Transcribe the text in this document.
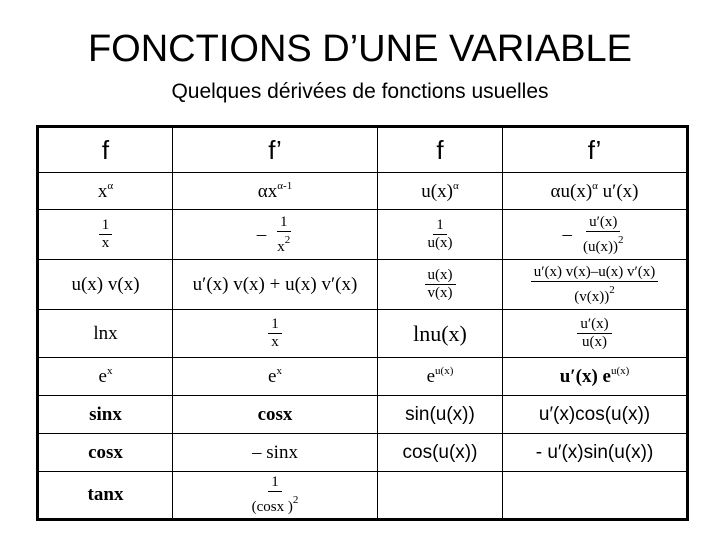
FONCTIONS D’UNE VARIABLE
Quelques dérivées de fonctions usuelles
f	f’	f	f’
$x^\alpha$	$\alpha x^{\alpha-1}$	$u(x)^\alpha$	$\alpha u(x)^\alpha$ u′(x)

$\frac{1}{x}$	– $\frac{1}{x^2}$	$\frac{1}{u(x)}$	– $\frac{u'(x)}{(u(x))^2}$

u(x) v(x)	u′(x) v(x) + u(x) v′(x)	$\frac{u(x)}{v(x)}$	$\frac{u'(x) v(x)-u(x) v'(x)}{(v(x))^2}$

lnx	$\frac{1}{x}$	lnu(x)	$\frac{u'(x)}{u(x)}$

$e^x$	$e^x$	$e^{u(x)}$	u′(x) $e^{u(x)}$
sinx	cosx	sin(u(x))	u′(x)cos(u(x))
cosx	– sinx	cos(u(x))	- u′(x)sin(u(x))
tanx	$\frac{1}{(\cos x )^2}$
